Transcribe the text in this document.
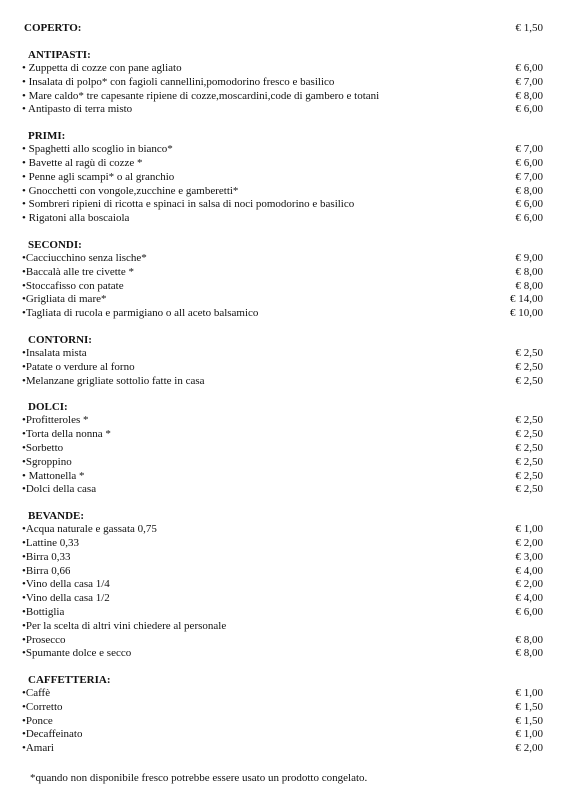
COPERTO:	€ 1,50
ANTIPASTI:
• Zuppetta di cozze con pane agliato	€ 6,00
• Insalata di polpo* con fagioli cannellini,pomodorino fresco e basilico	€ 7,00
• Mare caldo* tre capesante ripiene di cozze,moscardini,code di gambero e totani	€ 8,00
• Antipasto di terra misto	€ 6,00
PRIMI:
• Spaghetti allo scoglio in bianco*	€ 7,00
• Bavette al ragù di cozze *	€ 6,00
• Penne agli scampi* o al granchio	€ 7,00
• Gnocchetti con vongole,zucchine e gamberetti*	€ 8,00
• Sombreri ripieni di ricotta e spinaci in salsa di noci pomodorino e basilico	€ 6,00
• Rigatoni alla boscaiola	€ 6,00
SECONDI:
•Cacciucchino senza lische*	€ 9,00
•Baccalà alle tre civette *	€ 8,00
•Stoccafisso con patate	€ 8,00
•Grigliata di mare*	€ 14,00
•Tagliata di rucola e parmigiano o all aceto balsamico	€ 10,00
CONTORNI:
•Insalata mista	€ 2,50
•Patate o verdure al forno	€ 2,50
•Melanzane grigliate sottolio fatte in casa	€ 2,50
DOLCI:
•Profitteroles *	€ 2,50
•Torta della nonna *	€ 2,50
•Sorbetto	€ 2,50
•Sgroppino	€ 2,50
• Mattonella *	€ 2,50
•Dolci della casa	€ 2,50
BEVANDE:
•Acqua naturale e gassata 0,75	€ 1,00
•Lattine 0,33	€ 2,00
•Birra 0,33	€ 3,00
•Birra 0,66	€ 4,00
•Vino della casa 1/4	€ 2,00
•Vino della casa 1/2	€ 4,00
•Bottiglia	€ 6,00
•Per la scelta di altri vini chiedere al personale
•Prosecco	€ 8,00
•Spumante dolce e secco	€ 8,00
CAFFETTERIA:
•Caffè	€ 1,00
•Corretto	€ 1,50
•Ponce	€ 1,50
•Decaffeinato	€ 1,00
•Amari	€ 2,00
*quando non disponibile fresco potrebbe essere usato un prodotto congelato.
